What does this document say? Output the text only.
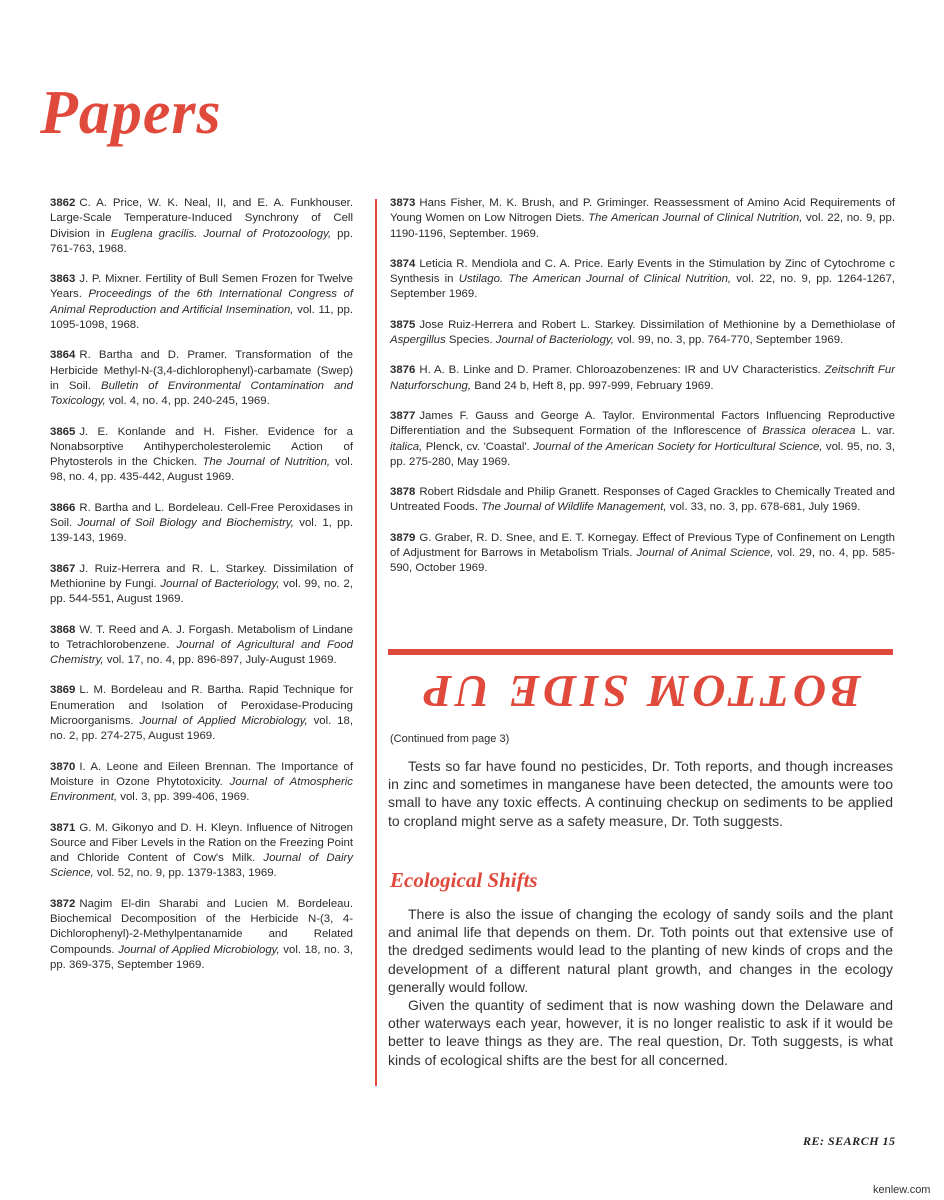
Papers

3862 C. A. Price, W. K. Neal, II, and E. A. Funkhouser. Large-Scale Temperature-Induced Synchrony of Cell Division in Euglena gracilis. Journal of Protozoology, pp. 761-763, 1968.

3863 J. P. Mixner. Fertility of Bull Semen Frozen for Twelve Years. Proceedings of the 6th International Congress of Animal Reproduction and Artificial Insemination, vol. 11, pp. 1095-1098, 1968.

3864 R. Bartha and D. Pramer. Transformation of the Herbicide Methyl-N-(3,4-dichlorophenyl)-carbamate (Swep) in Soil. Bulletin of Environmental Contamination and Toxicology, vol. 4, no. 4, pp. 240-245, 1969.

3865 J. E. Konlande and H. Fisher. Evidence for a Nonabsorptive Antihypercholesterolemic Action of Phytosterols in the Chicken. The Journal of Nutrition, vol. 98, no. 4, pp. 435-442, August 1969.

3866 R. Bartha and L. Bordeleau. Cell-Free Peroxidases in Soil. Journal of Soil Biology and Biochemistry, vol. 1, pp. 139-143, 1969.

3867 J. Ruiz-Herrera and R. L. Starkey. Dissimilation of Methionine by Fungi. Journal of Bacteriology, vol. 99, no. 2, pp. 544-551, August 1969.

3868 W. T. Reed and A. J. Forgash. Metabolism of Lindane to Tetrachlorobenzene. Journal of Agricultural and Food Chemistry, vol. 17, no. 4, pp. 896-897, July-August 1969.

3869 L. M. Bordeleau and R. Bartha. Rapid Technique for Enumeration and Isolation of Peroxidase-Producing Microorganisms. Journal of Applied Microbiology, vol. 18, no. 2, pp. 274-275, August 1969.

3870 I. A. Leone and Eileen Brennan. The Importance of Moisture in Ozone Phytotoxicity. Journal of Atmospheric Environment, vol. 3, pp. 399-406, 1969.

3871 G. M. Gikonyo and D. H. Kleyn. Influence of Nitrogen Source and Fiber Levels in the Ration on the Freezing Point and Chloride Content of Cow's Milk. Journal of Dairy Science, vol. 52, no. 9, pp. 1379-1383, 1969.

3872 Nagim El-din Sharabi and Lucien M. Bordeleau. Biochemical Decomposition of the Herbicide N-(3, 4-Dichlorophenyl)-2-Methylpentanamide and Related Compounds. Journal of Applied Microbiology, vol. 18, no. 3, pp. 369-375, September 1969.

3873 Hans Fisher, M. K. Brush, and P. Griminger. Reassessment of Amino Acid Requirements of Young Women on Low Nitrogen Diets. The American Journal of Clinical Nutrition, vol. 22, no. 9, pp. 1190-1196, September. 1969.

3874 Leticia R. Mendiola and C. A. Price. Early Events in the Stimulation by Zinc of Cytochrome c Synthesis in Ustilago. The American Journal of Clinical Nutrition, vol. 22, no. 9, pp. 1264-1267, September 1969.

3875 Jose Ruiz-Herrera and Robert L. Starkey. Dissimilation of Methionine by a Demethiolase of Aspergillus Species. Journal of Bacteriology, vol. 99, no. 3, pp. 764-770, September 1969.

3876 H. A. B. Linke and D. Pramer. Chloroazobenzenes: IR and UV Characteristics. Zeitschrift Fur Naturforschung, Band 24 b, Heft 8, pp. 997-999, February 1969.

3877 James F. Gauss and George A. Taylor. Environmental Factors Influencing Reproductive Differentiation and the Subsequent Formation of the Inflorescence of Brassica oleracea L. var. italica, Plenck, cv. 'Coastal'. Journal of the American Society for Horticultural Science, vol. 95, no. 3, pp. 275-280, May 1969.

3878 Robert Ridsdale and Philip Granett. Responses of Caged Grackles to Chemically Treated and Untreated Foods. The Journal of Wildlife Management, vol. 33, no. 3, pp. 678-681, July 1969.

3879 G. Graber, R. D. Snee, and E. T. Kornegay. Effect of Previous Type of Confinement on Length of Adjustment for Barrows in Metabolism Trials. Journal of Animal Science, vol. 29, no. 4, pp. 585-590, October 1969.

BOTTOM SIDE UP
(Continued from page 3)

Tests so far have found no pesticides, Dr. Toth reports, and though increases in zinc and sometimes in manganese have been detected, the amounts were too small to have any toxic effects. A continuing checkup on sediments to be applied to cropland might serve as a safety measure, Dr. Toth suggests.

Ecological Shifts

There is also the issue of changing the ecology of sandy soils and the plant and animal life that depends on them. Dr. Toth points out that extensive use of the dredged sediments would lead to the planting of new kinds of crops and the development of a different natural plant growth, and changes in the ecology generally would follow.

Given the quantity of sediment that is now washing down the Delaware and other waterways each year, however, it is no longer realistic to ask if it would be better to leave things as they are. The real question, Dr. Toth suggests, is what kinds of ecological shifts are the best for all concerned.

RE: SEARCH 15
kenlew.com
